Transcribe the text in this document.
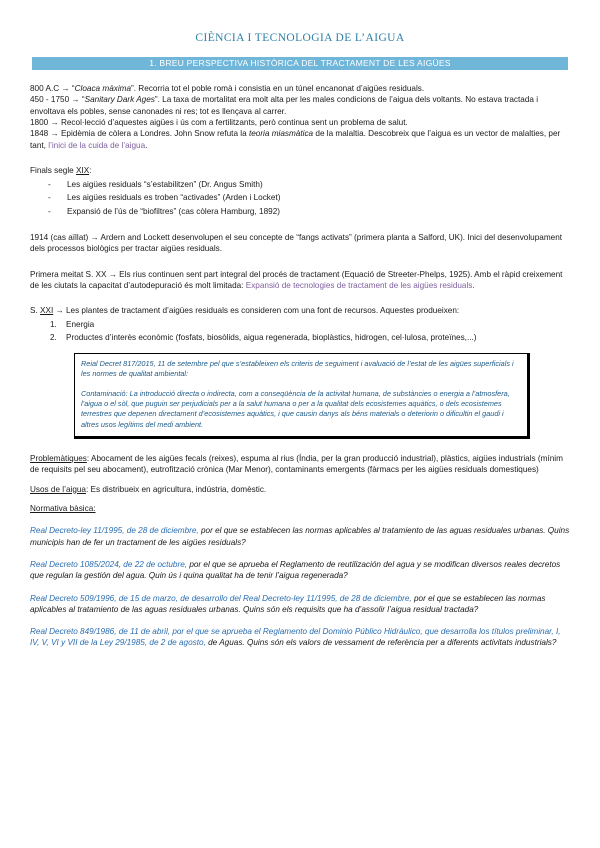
CIÈNCIA I TECNOLOGIA DE L’AIGUA
1. BREU PERSPECTIVA HISTÒRICA DEL TRACTAMENT DE LES AIGÜES

800 A.C → “Cloaca màxima”. Recorria tot el poble romà i consistia en un túnel encanonat d’aigües residuals.

450 - 1750 → “Sanitary Dark Ages”. La taxa de mortalitat era molt alta per les males condicions de l’aigua dels voltants. No estava tractada i envoltava els pobles, sense canonades ni res; tot es llençava al carrer.

1800 → Recol·lecció d’aquestes aigües i ús com a fertilitzants, però continua sent un problema de salut.

1848 → Epidèmia de còlera a Londres. John Snow refuta la teoria miasmàtica de la malaltia. Descobreix que l’aigua es un vector de malalties, per tant, l’inici de la cuida de l’aigua.

Finals segle XIX:

- Les aigües residuals “s’estabilitzen” (Dr. Angus Smith)
- Les aigües residuals es troben “activades” (Arden i Locket)
- Expansió de l’ús de “biofiltres” (cas còlera Hamburg, 1892)

1914 (cas aïllat) → Ardern and Lockett desenvolupen el seu concepte de “fangs activats” (primera planta a Salford, UK). Inici del desenvolupament dels processos biològics per tractar aigües residuals.

Primera meitat S. XX → Els rius continuen sent part integral del procés de tractament (Equació de Streeter-Phelps, 1925). Amb el ràpid creixement de les ciutats la capacitat d’autodepuració és molt limitada: Expansió de tecnologies de tractament de les aigües residuals.

S. XXI → Les plantes de tractament d’aigües residuals es consideren com una font de recursos. Aquestes produeixen:

1. Energia
2. Productes d’interès econòmic (fosfats, biosòlids, aigua regenerada, bioplàstics, hidrogen, cel·lulosa, proteïnes,...)

Reial Decret 817/2015, 11 de setembre pel que s’estableixen els criteris de seguiment i avaluació de l’estat de les aigües superficials i les normes de qualitat ambiental:

Contaminació: La introducció directa o indirecta, com a conseqüència de la activitat humana, de substàncies o energia a l’atmosfera, l’aigua o el sòl, que puguin ser perjudicials per a la salut humana o per a la qualitat dels ecosistemes aquàtics, o dels ecosistemes terrestres que depenen directament d’ecosistemes aquàtics, i que causin danys als béns materials o deteriorin o dificultin el gaudi i altres usos legítims del medi ambient.

Problemàtiques: Abocament de les aigües fecals (reixes), espuma al rius (Índia, per la gran producció industrial), plàstics, aigües industrials (mínim de requisits pel seu abocament), eutrofització crònica (Mar Menor), contaminants emergents (fàrmacs per les aigües residuals domestiques)

Usos de l’aigua: Es distribueix en agricultura, indústria, domèstic.

Normativa bàsica:

Real Decreto-ley 11/1995, de 28 de diciembre, por el que se establecen las normas aplicables al tratamiento de las aguas residuales urbanas. Quins municipis han de fer un tractament de les aigües residuals?

Real Decreto 1085/2024, de 22 de octubre, por el que se aprueba el Reglamento de reutilización del agua y se modifican diversos reales decretos que regulan la gestión del agua. Quin ús i quina qualitat ha de tenir l’aigua regenerada?

Real Decreto 509/1996, de 15 de marzo, de desarrollo del Real Decreto-ley 11/1995, de 28 de diciembre, por el que se establecen las normas aplicables al tratamiento de las aguas residuales urbanas. Quins són els requisits que ha d’assolir l’aigua residual tractada?

Real Decreto 849/1986, de 11 de abril, por el que se aprueba el Reglamento del Dominio Público Hidráulico, que desarrolla los títulos preliminar, I, IV, V, VI y VII de la Ley 29/1985, de 2 de agosto, de Aguas. Quins són els valors de vessament de referència per a diferents activitats industrials?
